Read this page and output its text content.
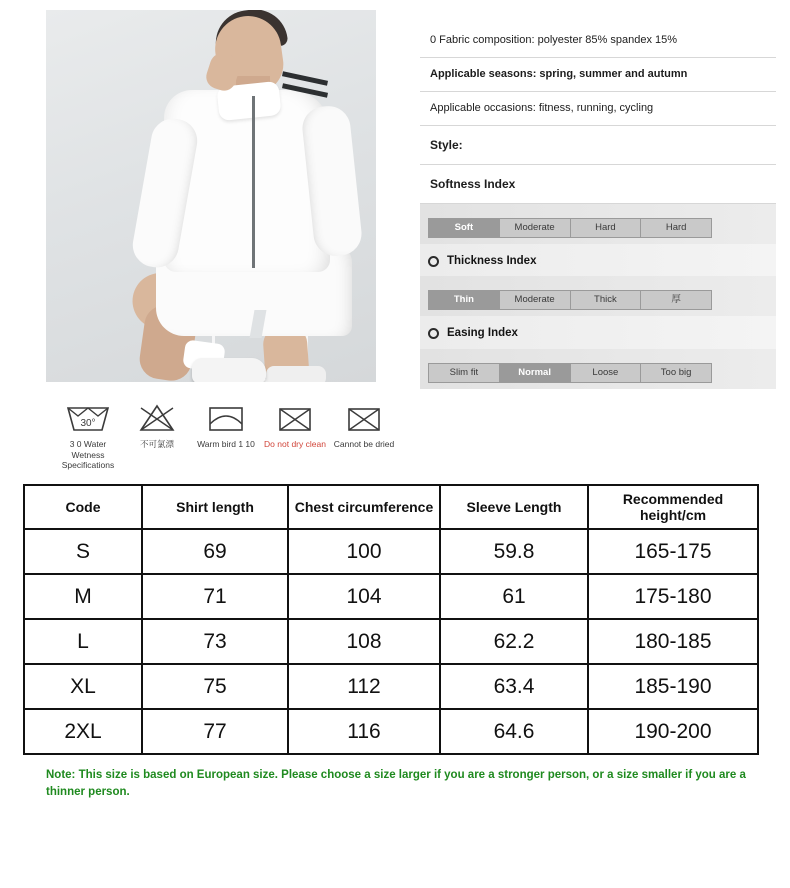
30°
3 0 Water Wetness Specifications
不可氯漂	Warm bird 1 10	Do not dry clean Cannot be dried
0 Fabric composition: polyester 85% spandex 15%
Applicable seasons: spring, summer and autumn
Applicable occasions: fitness, running, cycling
Style:
Softness Index
Soft	Moderate	Hard	Hard
Thickness Index
Thin	Moderate	Thick	厚
Easing Index
Slim fit	Normal	Loose	Too big
Code	Shirt length	Chest circumference	Sleeve Length	Recommended height/cm
S	69	100	59.8	165-175
M	71	104	61	175-180
L	73	108	62.2	180-185
XL	75	112	63.4	185-190
2XL	77	116	64.6	190-200
Note: This size is based on European size. Please choose a size larger if you are a stronger person, or a size smaller if you are a thinner person.
